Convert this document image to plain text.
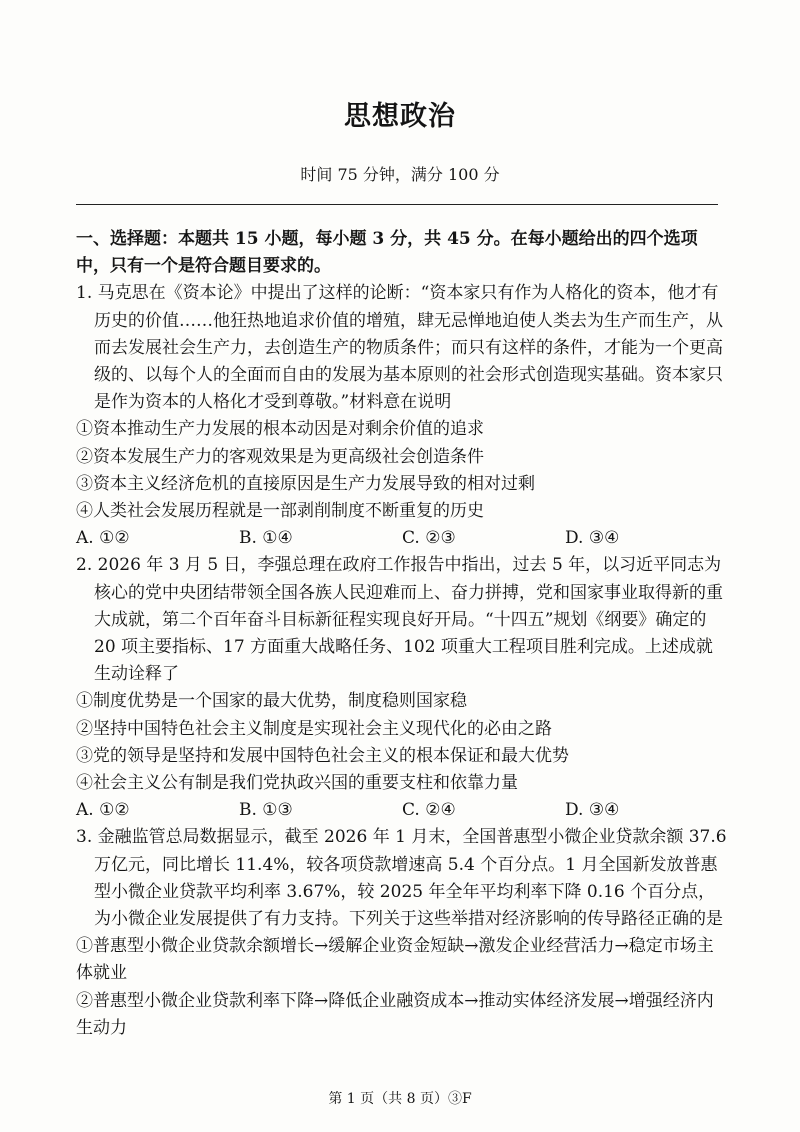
思想政治
时间 75 分钟，满分 100 分
一、选择题：本题共 15 小题，每小题 3 分，共 45 分。在每小题给出的四个选项中，只有一个是符合题目要求的。
1. 马克思在《资本论》中提出了这样的论断：“资本家只有作为人格化的资本，他才有历史的价值……他狂热地追求价值的增殖，肆无忌惮地迫使人类去为生产而生产，从而去发展社会生产力，去创造生产的物质条件；而只有这样的条件，才能为一个更高级的、以每个人的全面而自由的发展为基本原则的社会形式创造现实基础。资本家只是作为资本的人格化才受到尊敬。”材料意在说明
①资本推动生产力发展的根本动因是对剩余价值的追求
②资本发展生产力的客观效果是为更高级社会创造条件
③资本主义经济危机的直接原因是生产力发展导致的相对过剩
④人类社会发展历程就是一部剥削制度不断重复的历史
A. ①②	B. ①④	C. ②③	D. ③④
2. 2026 年 3 月 5 日，李强总理在政府工作报告中指出，过去 5 年，以习近平同志为核心的党中央团结带领全国各族人民迎难而上、奋力拼搏，党和国家事业取得新的重大成就，第二个百年奋斗目标新征程实现良好开局。“十四五”规划《纲要》确定的 20 项主要指标、17 方面重大战略任务、102 项重大工程项目胜利完成。上述成就生动诠释了
①制度优势是一个国家的最大优势，制度稳则国家稳
②坚持中国特色社会主义制度是实现社会主义现代化的必由之路
③党的领导是坚持和发展中国特色社会主义的根本保证和最大优势
④社会主义公有制是我们党执政兴国的重要支柱和依靠力量
A. ①②	B. ①③	C. ②④	D. ③④
3. 金融监管总局数据显示，截至 2026 年 1 月末，全国普惠型小微企业贷款余额 37.6 万亿元，同比增长 11.4%，较各项贷款增速高 5.4 个百分点。1 月全国新发放普惠型小微企业贷款平均利率 3.67%，较 2025 年全年平均利率下降 0.16 个百分点，为小微企业发展提供了有力支持。下列关于这些举措对经济影响的传导路径正确的是
①普惠型小微企业贷款余额增长→缓解企业资金短缺→激发企业经营活力→稳定市场主体就业
②普惠型小微企业贷款利率下降→降低企业融资成本→推动实体经济发展→增强经济内生动力
第 1 页（共 8 页）③F
